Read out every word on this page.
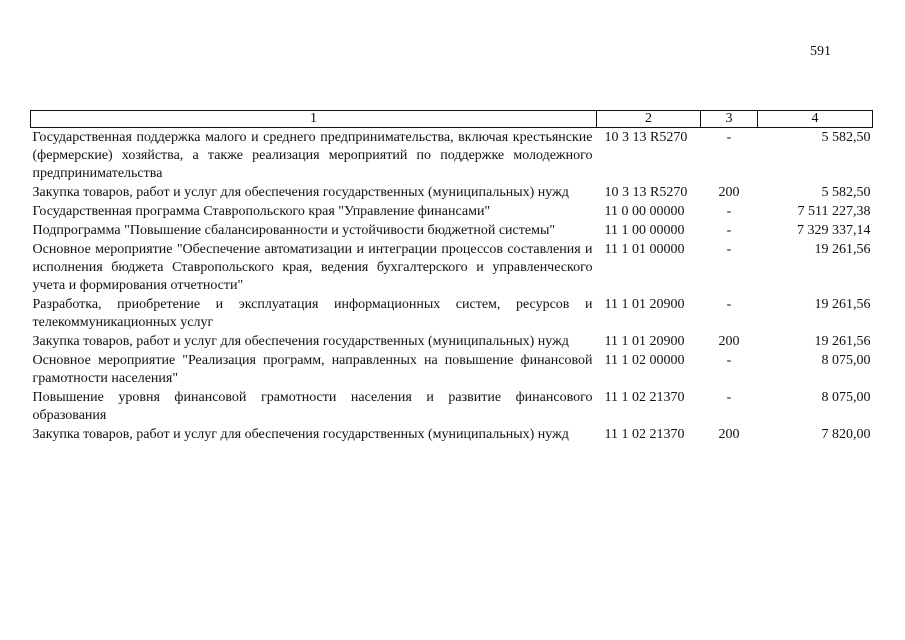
591
1	2	3	4
Государственная поддержка малого и среднего предпринимательства, включая крестьянские (фермерские) хозяйства, а также реализация мероприятий по поддержке молодежного предпринимательства	10 3 13 R5270	-	5 582,50
Закупка товаров, работ и услуг для обеспечения государственных (муниципальных) нужд	10 3 13 R5270	200	5 582,50
Государственная программа Ставропольского края "Управление финансами"	11 0 00 00000	-	7 511 227,38
Подпрограмма "Повышение сбалансированности и устойчивости бюджетной системы"	11 1 00 00000	-	7 329 337,14
Основное мероприятие "Обеспечение автоматизации и интеграции процессов составления и исполнения бюджета Ставропольского края, ведения бухгалтерского и управленческого учета и формирования отчетности"	11 1 01 00000	-	19 261,56
Разработка, приобретение и эксплуатация информационных систем, ресурсов и телекоммуникационных услуг	11 1 01 20900	-	19 261,56
Закупка товаров, работ и услуг для обеспечения государственных (муниципальных) нужд	11 1 01 20900	200	19 261,56
Основное мероприятие "Реализация программ, направленных на повышение финансовой грамотности населения"	11 1 02 00000	-	8 075,00
Повышение уровня финансовой грамотности населения и развитие финансового образования	11 1 02 21370	-	8 075,00
Закупка товаров, работ и услуг для обеспечения государственных (муниципальных) нужд	11 1 02 21370	200	7 820,00
